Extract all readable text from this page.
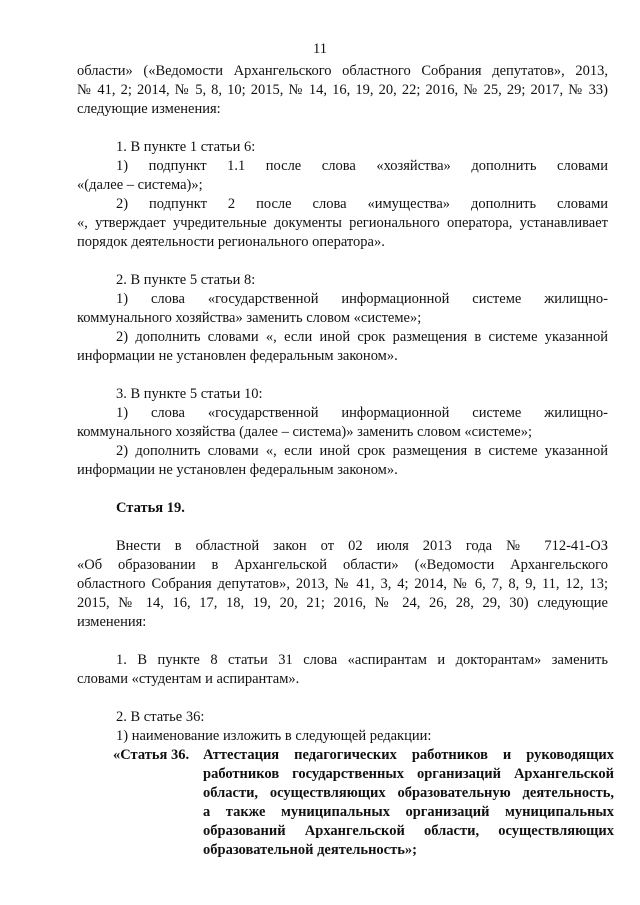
11

области» («Ведомости Архангельского областного Собрания депутатов», 2013,

№ 41, 2; 2014, № 5, 8, 10; 2015, № 14, 16, 19, 20, 22; 2016, № 25, 29; 2017, № 33)

следующие изменения:

1. В пункте 1 статьи 6:

1) подпункт 1.1 после слова «хозяйства» дополнить словами

«(далее – система)»;

2) подпункт 2 после слова «имущества» дополнить словами

«, утверждает учредительные документы регионального оператора, устанавливает

порядок деятельности регионального оператора».

2. В пункте 5 статьи 8:

1) слова «государственной информационной системе жилищно-

коммунального хозяйства» заменить словом «системе»;

2) дополнить словами «, если иной срок размещения в системе указанной

информации не установлен федеральным законом».

3. В пункте 5 статьи 10:

1) слова «государственной информационной системе жилищно-

коммунального хозяйства (далее – система)» заменить словом «системе»;

2) дополнить словами «, если иной срок размещения в системе указанной

информации не установлен федеральным законом».

Статья 19.

Внести в областной закон от 02 июля 2013 года № 712-41-ОЗ

«Об образовании в Архангельской области» («Ведомости Архангельского

областного Собрания депутатов», 2013, № 41, 3, 4; 2014, № 6, 7, 8, 9, 11, 12, 13;

2015, № 14, 16, 17, 18, 19, 20, 21; 2016, № 24, 26, 28, 29, 30) следующие

изменения:

1. В пункте 8 статьи 31 слова «аспирантам и докторантам» заменить

словами «студентам и аспирантам».

2. В статье 36:

1) наименование изложить в следующей редакции:

«Статья 36. Аттестация педагогических работников и руководящих

работников государственных организаций Архангельской

области, осуществляющих образовательную деятельность,

а также муниципальных организаций муниципальных

образований Архангельской области, осуществляющих

образовательной деятельность»;
